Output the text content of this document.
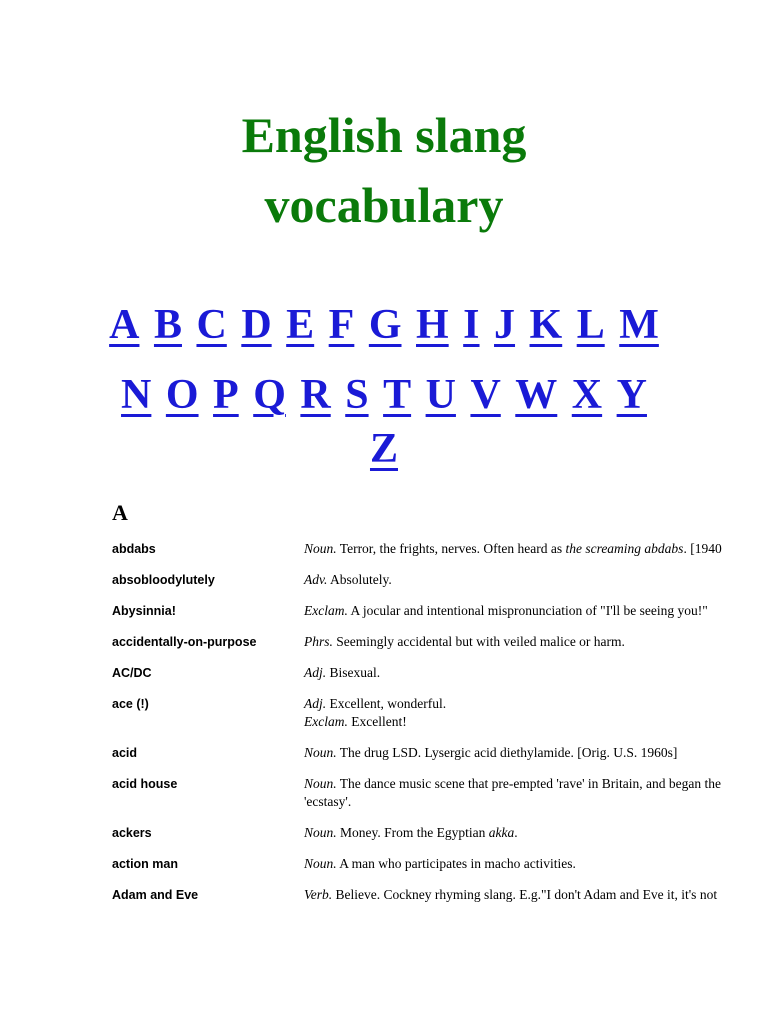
English slang
vocabulary
A B C D E F G H I J K L M
N O P Q R S T U V W X Y
Z
A
abdabs	Noun. Terror, the frights, nerves. Often heard as the screaming abdabs. [1940
absobloodylutely	Adv. Absolutely.
Abysinnia!	Exclam. A jocular and intentional mispronunciation of "I'll be seeing you!"
accidentally-on-purpose	Phrs. Seemingly accidental but with veiled malice or harm.
AC/DC	Adj. Bisexual.
ace (!)	Adj. Excellent, wonderful.
Exclam. Excellent!
acid	Noun. The drug LSD. Lysergic acid diethylamide. [Orig. U.S. 1960s]
acid house	Noun. The dance music scene that pre-empted 'rave' in Britain, and began the
'ecstasy'.
ackers	Noun. Money. From the Egyptian akka.
action man	Noun. A man who participates in macho activities.
Adam and Eve	Verb. Believe. Cockney rhyming slang. E.g."I don't Adam and Eve it, it's not
